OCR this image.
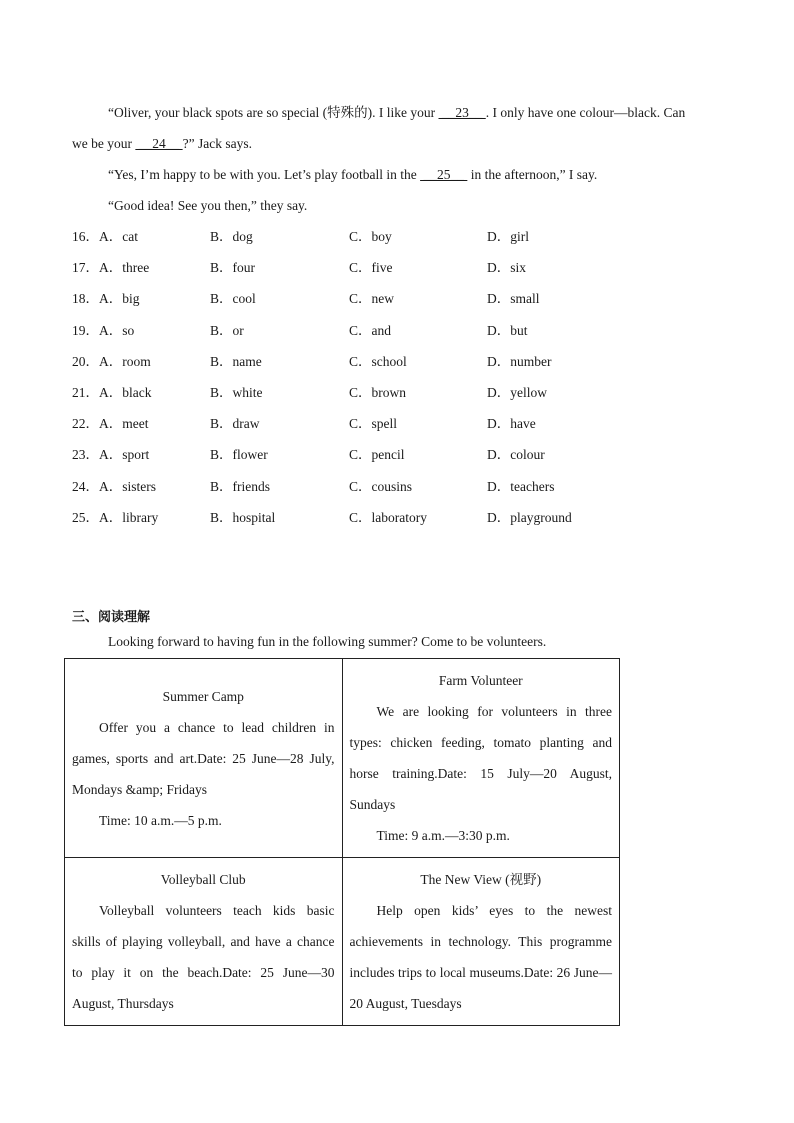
“Oliver, your black spots are so special (特殊的). I like your  __23__ . I only have one colour—black. Can
we be your  __24__ ?” Jack says.
“Yes, I’m happy to be with you. Let’s play football in the  __25__  in the afternoon,” I say.
“Good idea! See you then,” they say.
16．A．cat	B．dog	C．boy	D．girl
17．A．three	B．four	C．five	D．six
18．A．big	B．cool	C．new	D．small
19．A．so	B．or	C．and	D．but
20．A．room	B．name	C．school	D．number
21．A．black	B．white	C．brown	D．yellow
22．A．meet	B．draw	C．spell	D．have
23．A．sport	B．flower	C．pencil	D．colour
24．A．sisters	B．friends	C．cousins	D．teachers
25．A．library	B．hospital	C．laboratory	D．playground
三、阅读理解
Looking forward to having fun in the following summer? Come to be volunteers.
Summer Camp
Offer you a chance to lead children in games, sports and art.Date: 25 June—28 July, Mondays &amp; Fridays
Time: 10 a.m.—5 p.m.	Farm Volunteer
We are looking for volunteers in three types: chicken feeding, tomato planting and horse training.Date: 15 July—20 August, Sundays
Time: 9 a.m.—3:30 p.m.

Volleyball Club
Volleyball volunteers teach kids basic skills of playing volleyball, and have a chance to play it on the beach.Date: 25 June—30 August, Thursdays	The New View (视野)
Help open kids’ eyes to the newest achievements in technology. This programme includes trips to local museums.Date: 26 June—20 August, Tuesdays
